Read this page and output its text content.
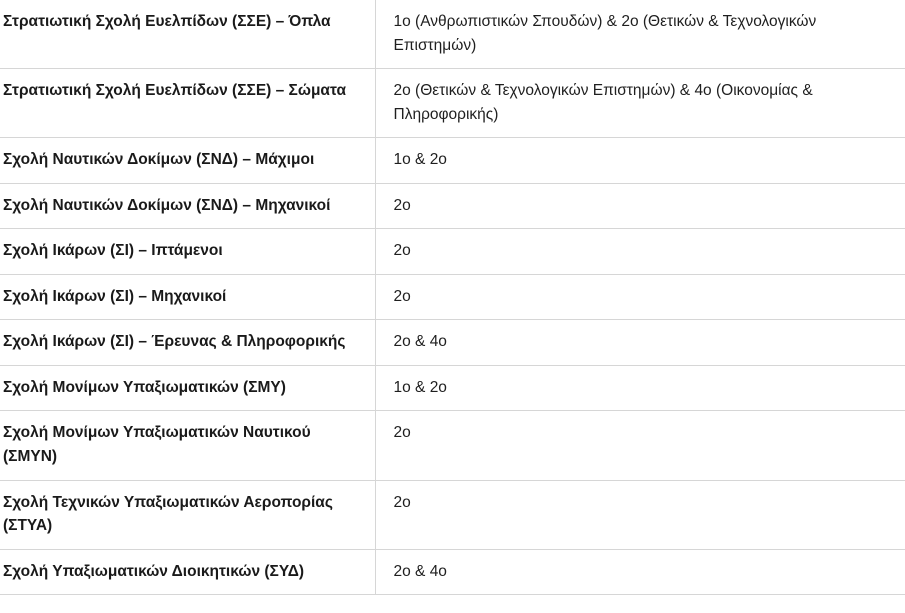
Στρατιωτική Σχολή Ευελπίδων (ΣΣΕ) – Όπλα	1ο (Ανθρωπιστικών Σπουδών) & 2ο (Θετικών & Τεχνολογικών Επιστημών)
Στρατιωτική Σχολή Ευελπίδων (ΣΣΕ) – Σώματα	2ο (Θετικών & Τεχνολογικών Επιστημών) & 4ο (Οικονομίας & Πληροφορικής)
Σχολή Ναυτικών Δοκίμων (ΣΝΔ) – Μάχιμοι	1ο & 2ο
Σχολή Ναυτικών Δοκίμων (ΣΝΔ) – Μηχανικοί	2ο
Σχολή Ικάρων (ΣΙ) – Ιπτάμενοι	2ο
Σχολή Ικάρων (ΣΙ) – Μηχανικοί	2ο
Σχολή Ικάρων (ΣΙ) – Έρευνας & Πληροφορικής	2ο & 4ο
Σχολή Μονίμων Υπαξιωματικών (ΣΜΥ)	1ο & 2ο
Σχολή Μονίμων Υπαξιωματικών Ναυτικού (ΣΜΥΝ)	2ο
Σχολή Τεχνικών Υπαξιωματικών Αεροπορίας (ΣΤΥΑ)	2ο
Σχολή Υπαξιωματικών Διοικητικών (ΣΥΔ)	2ο & 4ο
